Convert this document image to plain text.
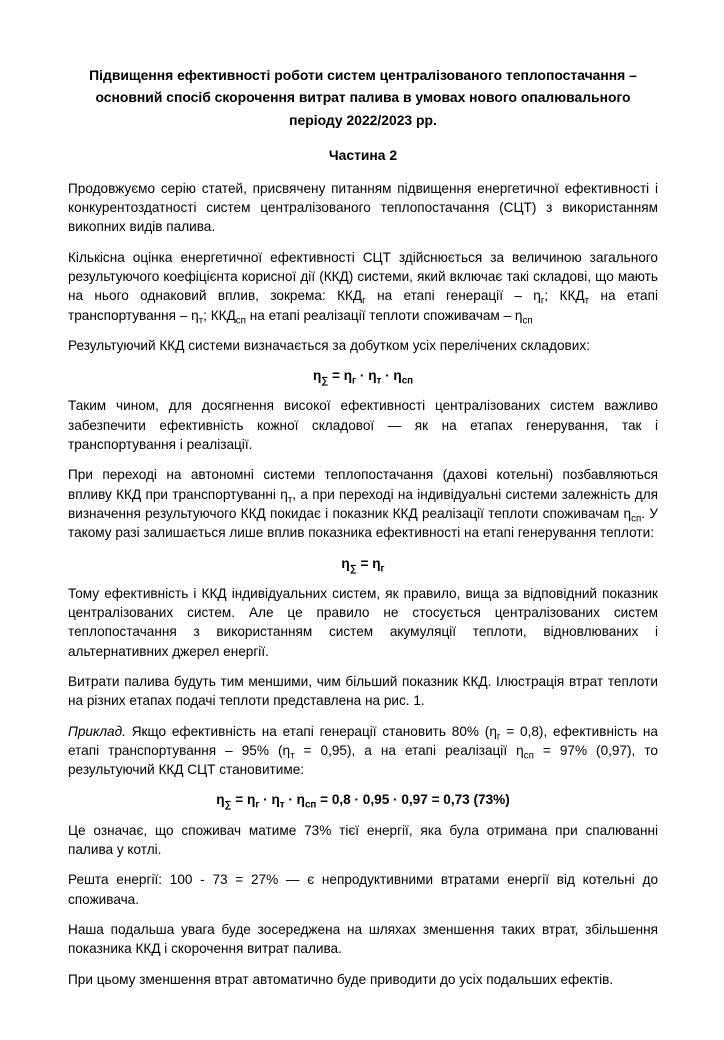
Підвищення ефективності роботи систем централізованого теплопостачання – основний спосіб скорочення витрат палива в умовах нового опалювального періоду 2022/2023 рр.
Частина 2

Продовжуємо серію статей, присвячену питанням підвищення енергетичної ефективності і конкурентоздатності систем централізованого теплопостачання (СЦТ) з використанням викопних видів палива.

Кількісна оцінка енергетичної ефективності СЦТ здійснюється за величиною загального результуючого коефіцієнта корисної дії (ККД) системи, який включає такі складові, що мають на нього однаковий вплив, зокрема: $ККД_г$ на етапі генерації – $\eta_г$; $ККД_т$ на етапі транспортування – $\eta_т$; $ККД_{сп}$ на етапі реалізації теплоти споживачам – $\eta_{сп}$

Результуючий ККД системи визначається за добутком усіх перелічених складових:

$\eta_\sum = \eta_г \cdot \eta_т \cdot \eta_{сп}$

Таким чином, для досягнення високої ефективності централізованих систем важливо забезпечити ефективність кожної складової — як на етапах генерування, так і транспортування і реалізації.

При переході на автономні системи теплопостачання (дахові котельні) позбавляються впливу ККД при транспортуванні $\eta_т$, а при переході на індивідуальні системи залежність для визначення результуючого ККД покидає і показник ККД реалізації теплоти споживачам $\eta_{сп}$. У такому разі залишається лише вплив показника ефективності на етапі генерування теплоти:

$\eta_\sum = \eta_г$

Тому ефективність і ККД індивідуальних систем, як правило, вища за відповідний показник централізованих систем. Але це правило не стосується централізованих систем теплопостачання з використанням систем акумуляції теплоти, відновлюваних і альтернативних джерел енергії.

Витрати палива будуть тим меншими, чим більший показник ККД. Ілюстрація втрат теплоти на різних етапах подачі теплоти представлена на рис. 1.

Приклад. Якщо ефективність на етапі генерації становить 80% $(\eta_г = 0,8)$, ефективність на етапі транспортування – 95% $(\eta_т = 0,95)$, а на етапі реалізації $\eta_{сп} = 97\%$ (0,97), то результуючий ККД СЦТ становитиме:

$\eta_\sum = \eta_г \cdot \eta_т \cdot \eta_{сп} = 0,8 \cdot 0,95 \cdot 0,97 = 0,73$ (73%)

Це означає, що споживач матиме 73% тієї енергії, яка була отримана при спалюванні палива у котлі.

Решта енергії: 100 - 73 = 27% — є непродуктивними втратами енергії від котельні до споживача.

Наша подальша увага буде зосереджена на шляхах зменшення таких втрат, збільшення показника ККД і скорочення витрат палива.

При цьому зменшення втрат автоматично буде приводити до усіх подальших ефектів.
